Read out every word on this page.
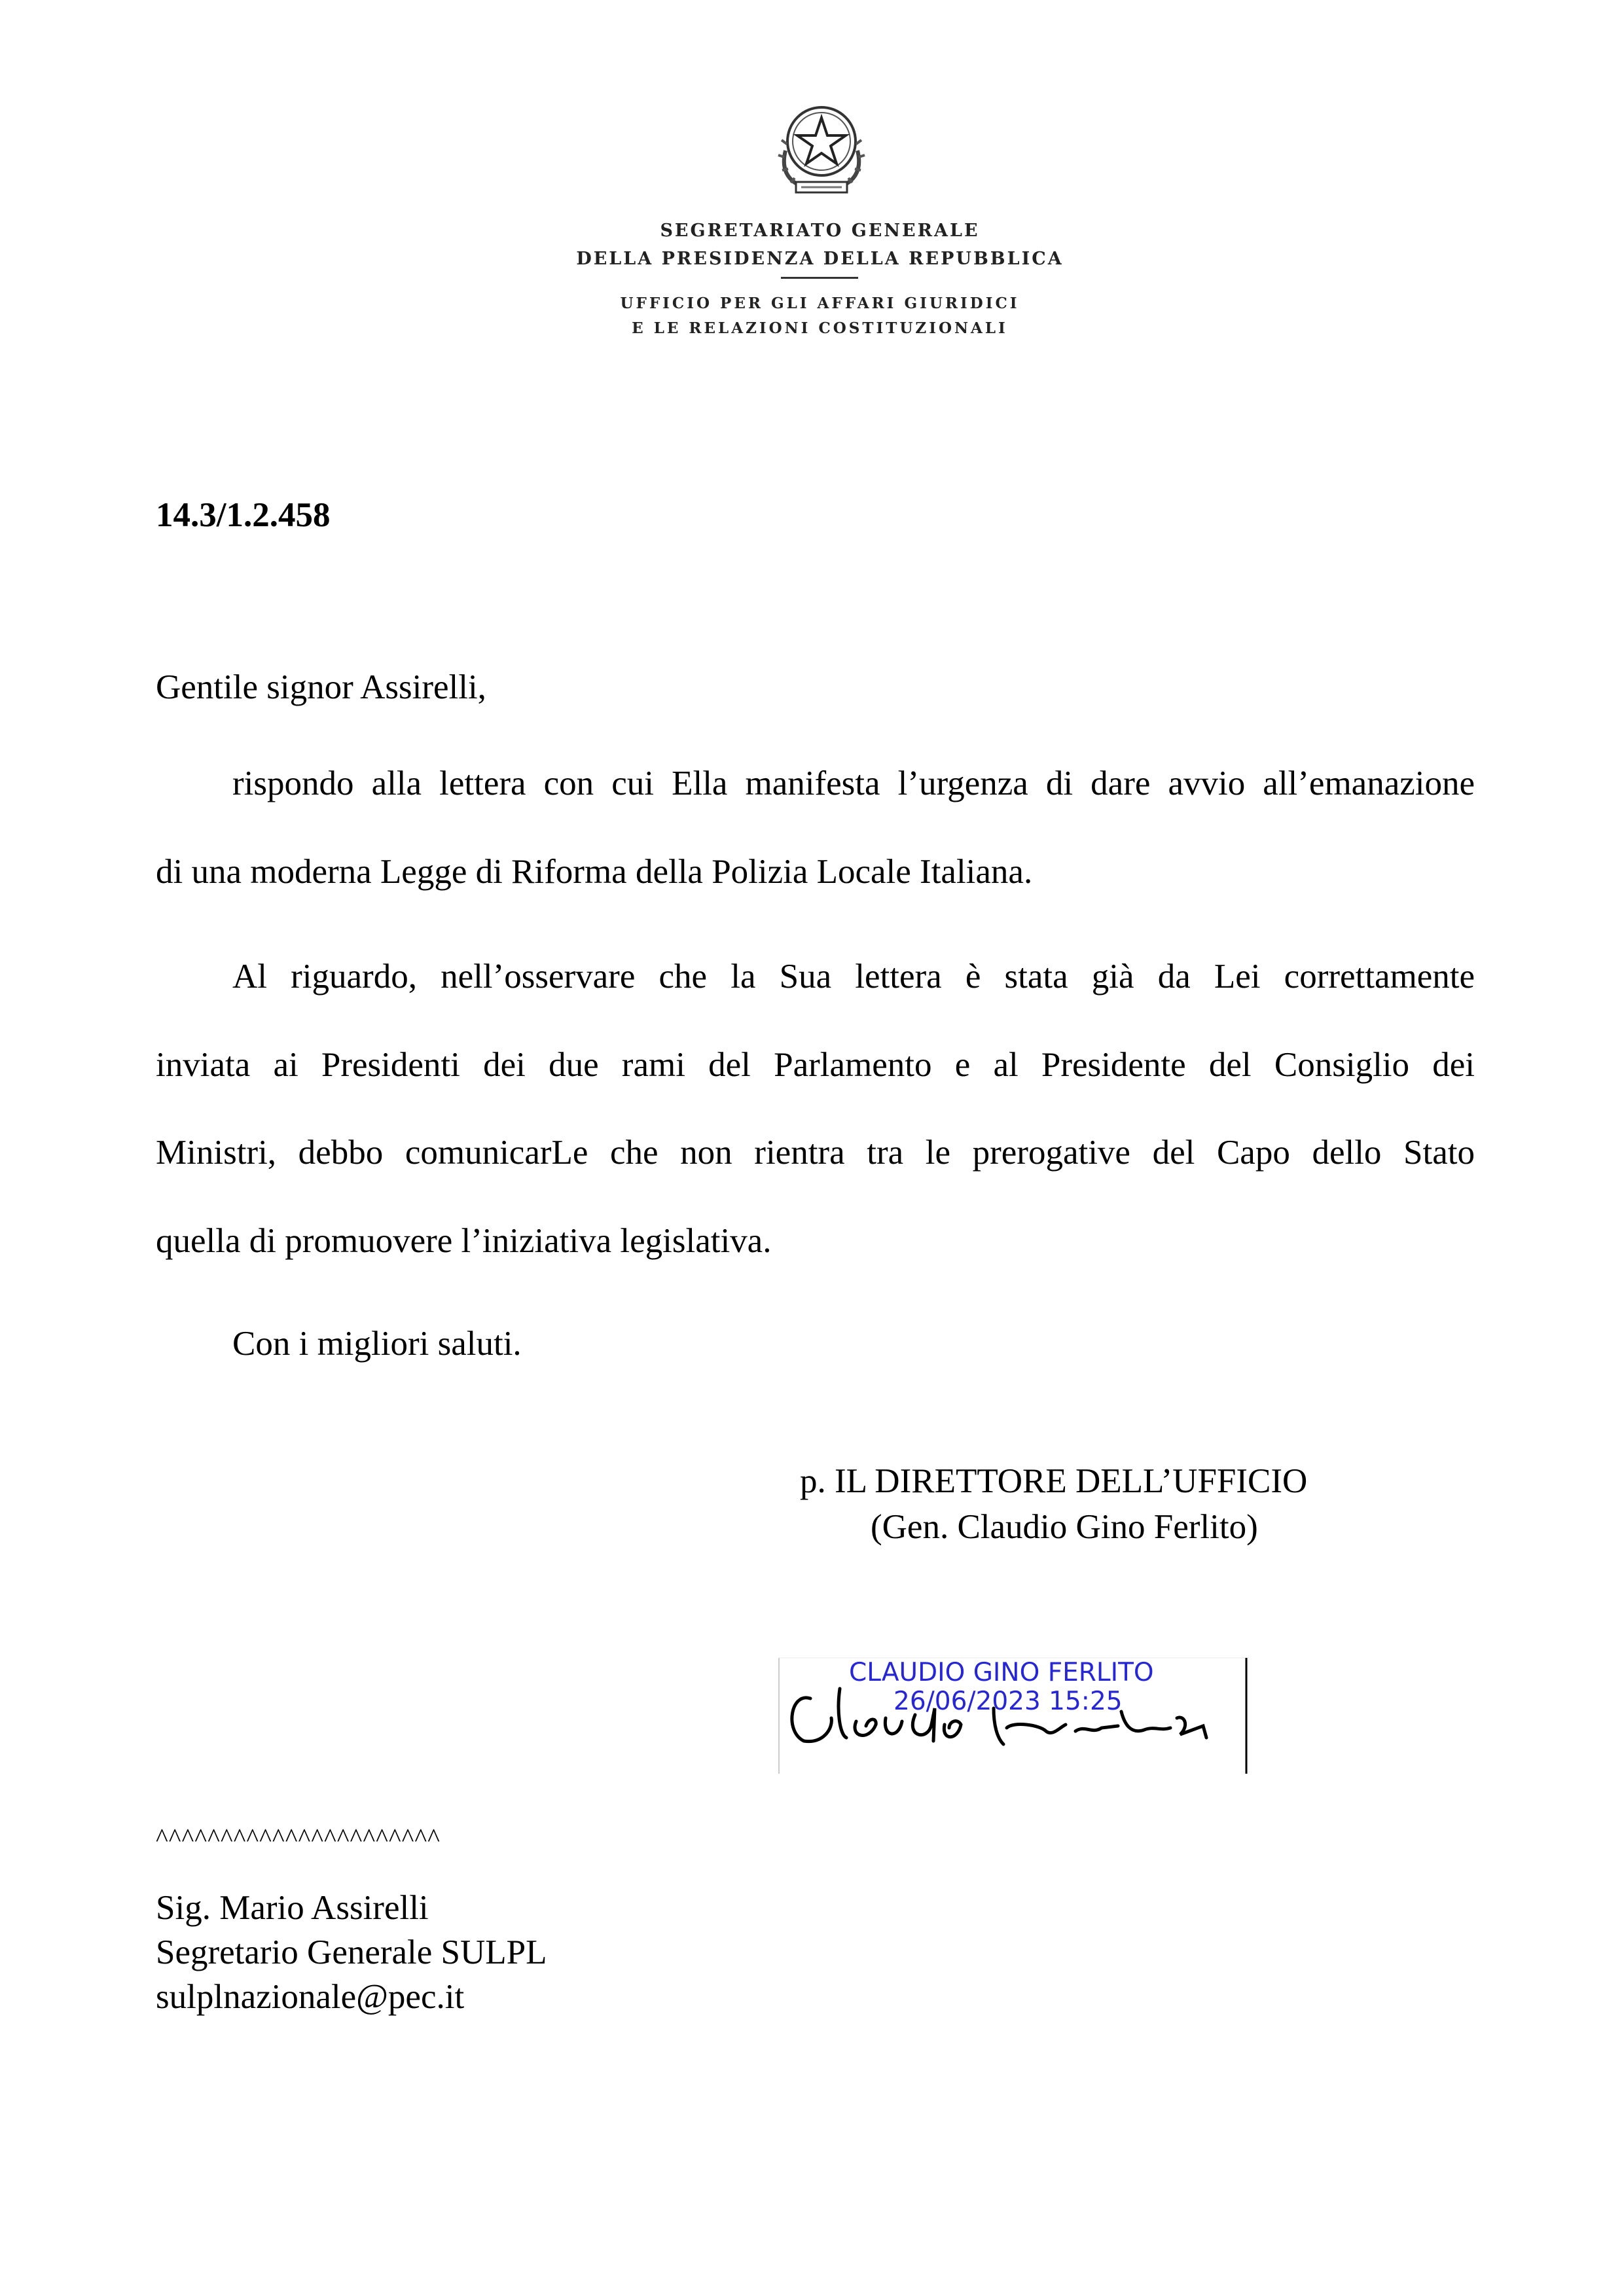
SEGRETARIATO GENERALE
DELLA PRESIDENZA DELLA REPUBBLICA
UFFICIO PER GLI AFFARI GIURIDICI
E LE RELAZIONI COSTITUZIONALI
14.3/1.2.458
Gentile signor Assirelli,
rispondo alla lettera con cui Ella manifesta l’urgenza di dare avvio all’emanazione
di una moderna Legge di Riforma della Polizia Locale Italiana.
Al riguardo, nell’osservare che la Sua lettera è stata già da Lei correttamente
inviata ai Presidenti dei due rami del Parlamento e al Presidente del Consiglio dei
Ministri, debbo comunicarLe che non rientra tra le prerogative del Capo dello Stato
quella di promuovere l’iniziativa legislativa.
Con i migliori saluti.
p. IL DIRETTORE DELL’UFFICIO
(Gen. Claudio Gino Ferlito)
CLAUDIO GINO FERLITO
26/06/2023 15:25
^^^^^^^^^^^^^^^^^^^^^^
Sig. Mario Assirelli
Segretario Generale SULPL
sulplnazionale@pec.it
